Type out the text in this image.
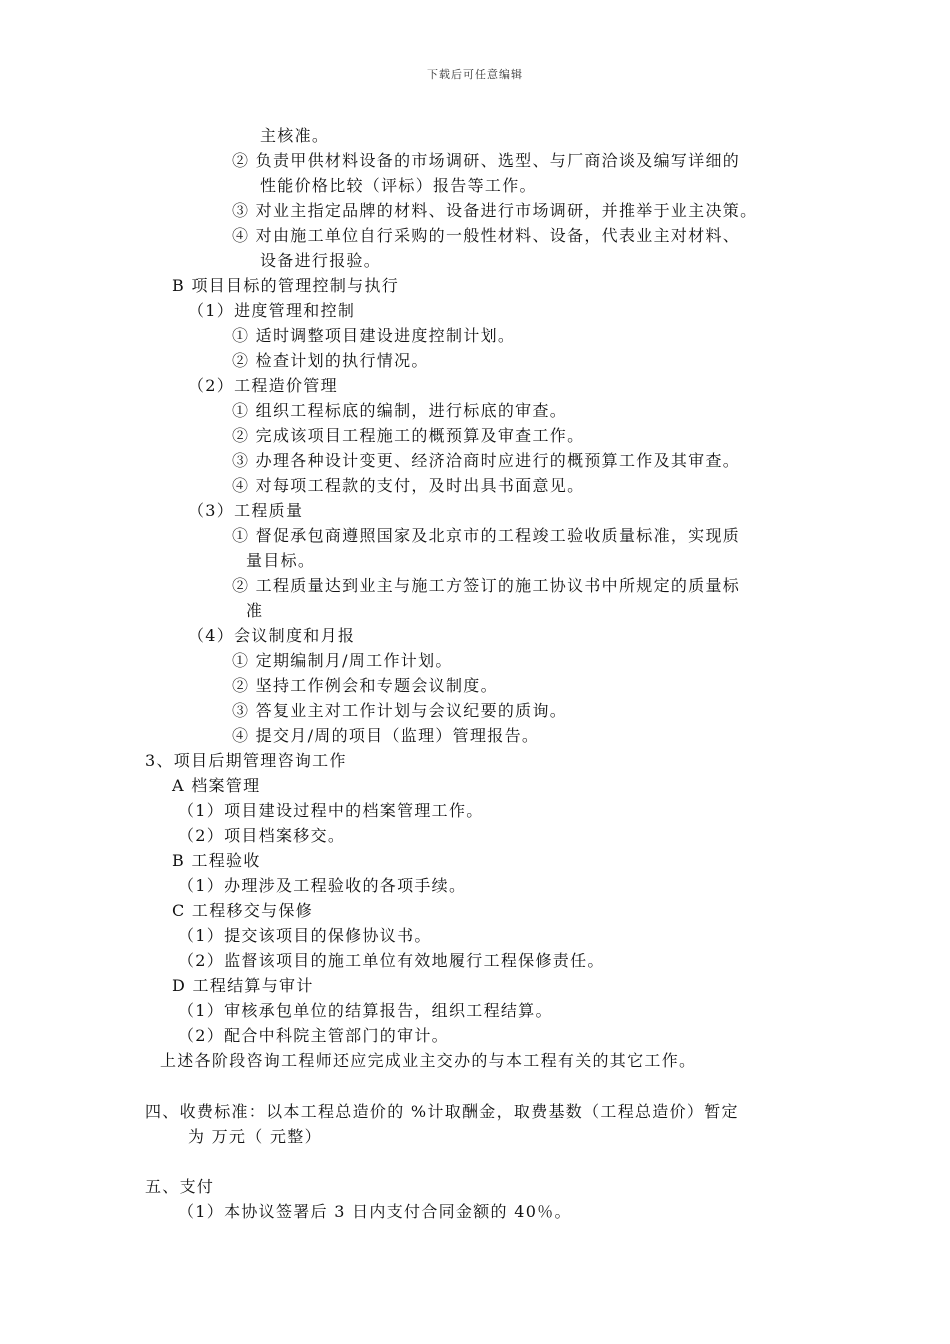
下载后可任意编辑
主核准。
② 负责甲供材料设备的市场调研、选型、与厂商洽谈及编写详细的
性能价格比较（评标）报告等工作。
③ 对业主指定品牌的材料、设备进行市场调研，并推举于业主决策。
④ 对由施工单位自行采购的一般性材料、设备，代表业主对材料、
设备进行报验。
B 项目目标的管理控制与执行
（1）进度管理和控制
① 适时调整项目建设进度控制计划。
② 检查计划的执行情况。
（2）工程造价管理
① 组织工程标底的编制，进行标底的审查。
② 完成该项目工程施工的概预算及审查工作。
③ 办理各种设计变更、经济洽商时应进行的概预算工作及其审查。
④ 对每项工程款的支付，及时出具书面意见。
（3）工程质量
① 督促承包商遵照国家及北京市的工程竣工验收质量标准，实现质
量目标。
② 工程质量达到业主与施工方签订的施工协议书中所规定的质量标
准
（4）会议制度和月报
① 定期编制月/周工作计划。
② 坚持工作例会和专题会议制度。
③ 答复业主对工作计划与会议纪要的质询。
④ 提交月/周的项目（监理）管理报告。
3、项目后期管理咨询工作
A 档案管理
（1）项目建设过程中的档案管理工作。
（2）项目档案移交。
B 工程验收
（1）办理涉及工程验收的各项手续。
C 工程移交与保修
（1）提交该项目的保修协议书。
（2）监督该项目的施工单位有效地履行工程保修责任。
D 工程结算与审计
（1）审核承包单位的结算报告，组织工程结算。
（2）配合中科院主管部门的审计。
上述各阶段咨询工程师还应完成业主交办的与本工程有关的其它工作。
四、收费标准：以本工程总造价的 %计取酬金，取费基数（工程总造价）暂定
为 万元（ 元整）
五、支付
（1）本协议签署后 3 日内支付合同金额的 40％。
